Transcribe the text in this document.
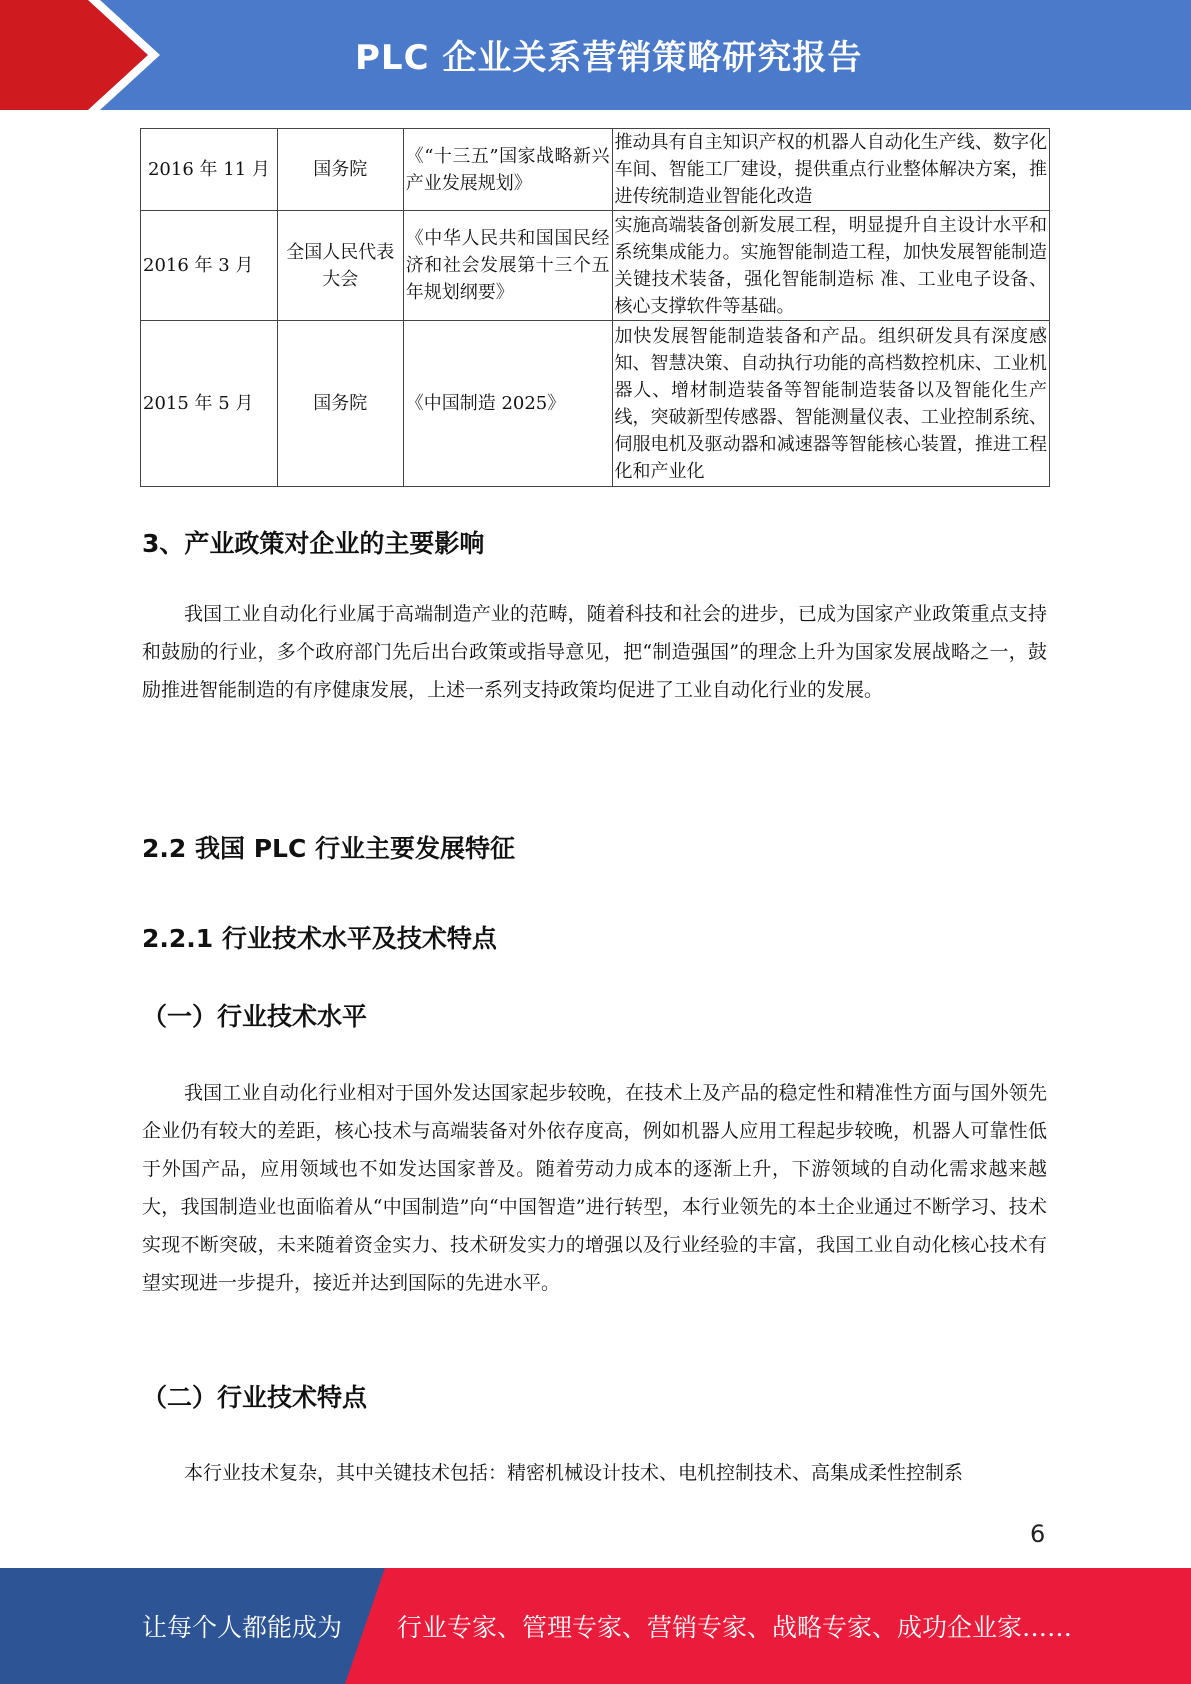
PLC 企业关系营销策略研究报告
2016 年 11 月	国务院	《“十三五”国家战略新兴产业发展规划》	推动具有自主知识产权的机器人自动化生产线、数字化车间、智能工厂建设，提供重点行业整体解决方案，推进传统制造业智能化改造
2016 年 3 月	全国人民代表大会	《中华人民共和国国民经济和社会发展第十三个五年规划纲要》	实施高端装备创新发展工程，明显提升自主设计水平和系统集成能力。实施智能制造工程，加快发展智能制造关键技术装备，强化智能制造标 准、工业电子设备、核心支撑软件等基础。
2015 年 5 月	国务院	《中国制造 2025》	加快发展智能制造装备和产品。组织研发具有深度感知、智慧决策、自动执行功能的高档数控机床、工业机器人、增材制造装备等智能制造装备以及智能化生产线，突破新型传感器、智能测量仪表、工业控制系统、伺服电机及驱动器和减速器等智能核心装置，推进工程化和产业化
3、产业政策对企业的主要影响

我国工业自动化行业属于高端制造产业的范畴，随着科技和社会的进步，已成为国家产业政策重点支持和鼓励的行业，多个政府部门先后出台政策或指导意见，把“制造强国”的理念上升为国家发展战略之一，鼓励推进智能制造的有序健康发展，上述一系列支持政策均促进了工业自动化行业的发展。

2.2 我国 PLC 行业主要发展特征
2.2.1 行业技术水平及技术特点
（一）行业技术水平

我国工业自动化行业相对于国外发达国家起步较晚，在技术上及产品的稳定性和精准性方面与国外领先企业仍有较大的差距，核心技术与高端装备对外依存度高，例如机器人应用工程起步较晚，机器人可靠性低于外国产品，应用领域也不如发达国家普及。随着劳动力成本的逐渐上升，下游领域的自动化需求越来越大，我国制造业也面临着从“中国制造”向“中国智造”进行转型，本行业领先的本土企业通过不断学习、技术实现不断突破，未来随着资金实力、技术研发实力的增强以及行业经验的丰富，我国工业自动化核心技术有望实现进一步提升，接近并达到国际的先进水平。

（二）行业技术特点

本行业技术复杂，其中关键技术包括：精密机械设计技术、电机控制技术、高集成柔性控制系

6
让每个人都能成为 行业专家、管理专家、营销专家、战略专家、成功企业家……
